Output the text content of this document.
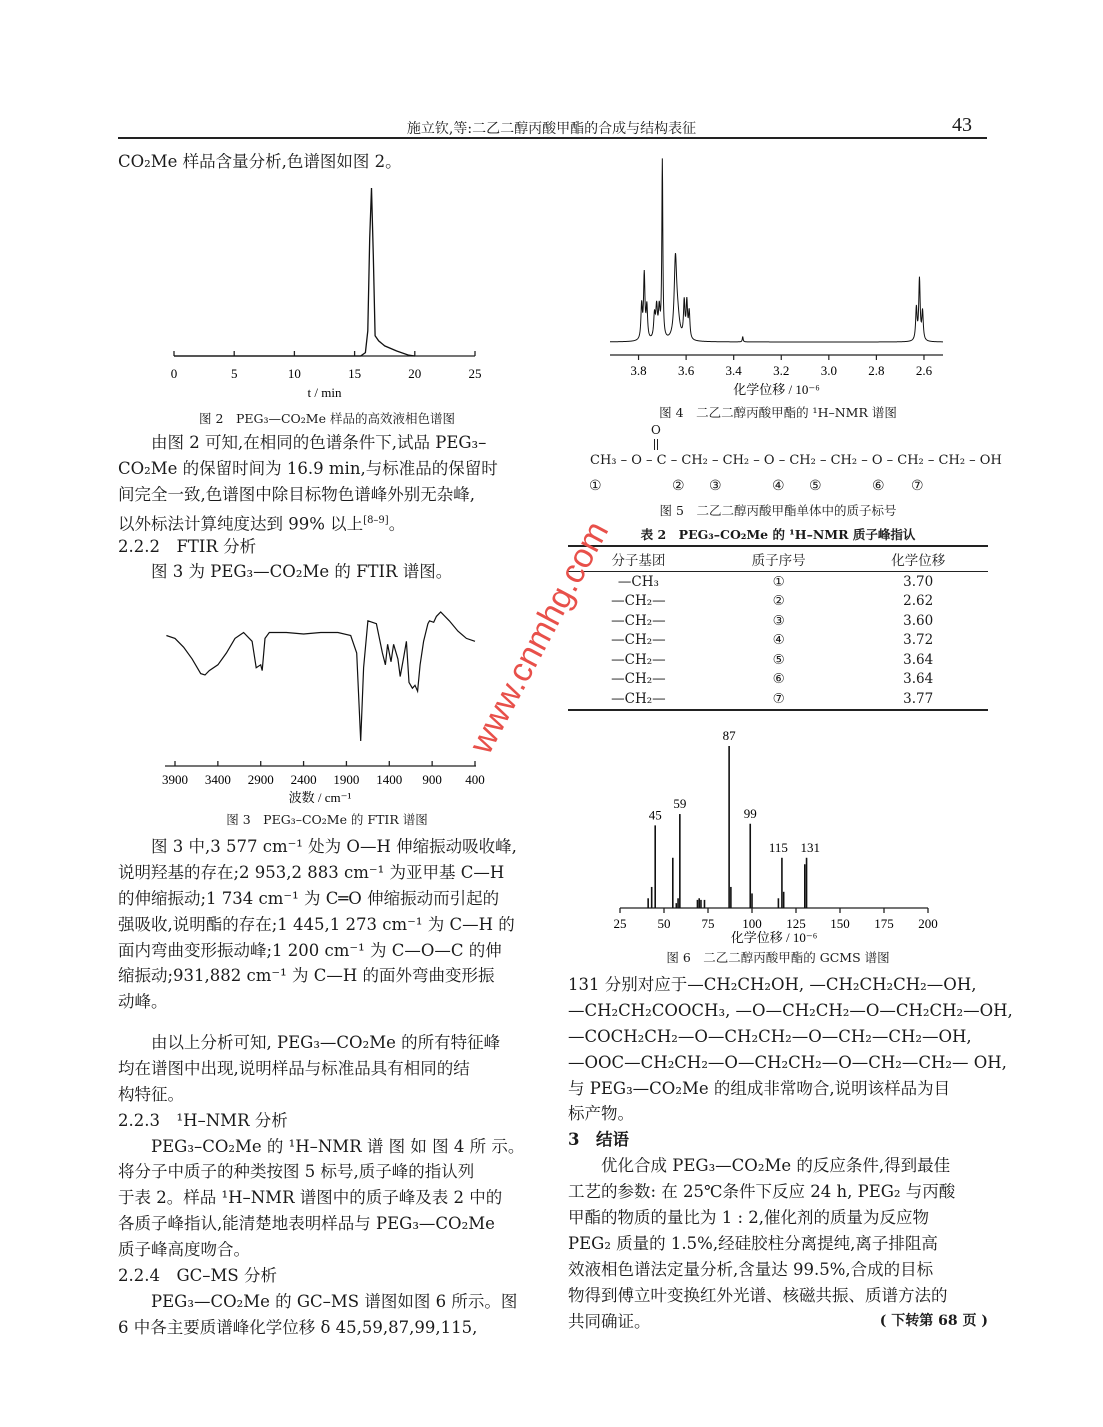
施立钦,等:二乙二醇丙酸甲酯的合成与结构表征	43
CO₂Me 样品含量分析,色谱图如图 2。
0	5	10	15	20	25
t / min
图 2　PEG₃—CO₂Me 样品的高效液相色谱图
由图 2 可知,在相同的色谱条件下,试品 PEG₃–
CO₂Me 的保留时间为 16.9 min,与标准品的保留时
间完全一致,色谱图中除目标物色谱峰外别无杂峰,
以外标法计算纯度达到 99% 以上[8–9]。
2.2.2　FTIR 分析
图 3 为 PEG₃—CO₂Me 的 FTIR 谱图。
3900 3400 2900 2400 1900 1400 900 400
波数 / cm⁻¹
图 3　PEG₃–CO₂Me 的 FTIR 谱图
图 3 中,3 577 cm⁻¹ 处为 O—H 伸缩振动吸收峰,
说明羟基的存在;2 953,2 883 cm⁻¹ 为亚甲基 C—H
的伸缩振动;1 734 cm⁻¹ 为 C═O 伸缩振动而引起的
强吸收,说明酯的存在;1 445,1 273 cm⁻¹ 为 C—H 的
面内弯曲变形振动峰;1 200 cm⁻¹ 为 C—O—C 的伸
缩振动;931,882 cm⁻¹ 为 C—H 的面外弯曲变形振
动峰。
由以上分析可知, PEG₃—CO₂Me 的所有特征峰
均在谱图中出现,说明样品与标准品具有相同的结
构特征。
2.2.3　¹H–NMR 分析
PEG₃–CO₂Me 的 ¹H–NMR 谱 图 如 图 4 所 示。
将分子中质子的种类按图 5 标号,质子峰的指认列
于表 2。样品 ¹H–NMR 谱图中的质子峰及表 2 中的
各质子峰指认,能清楚地表明样品与 PEG₃—CO₂Me
质子峰高度吻合。
2.2.4　GC–MS 分析
PEG₃—CO₂Me 的 GC–MS 谱图如图 6 所示。图
6 中各主要质谱峰化学位移 δ 45,59,87,99,115,
3.8 3.6 3.4 3.2 3.0 2.8 2.6
化学位移 / 10⁻⁶
图 4　二乙二醇丙酸甲酯的 ¹H–NMR 谱图
O
CH₃ – O – C – CH₂ – CH₂ – O – CH₂ – CH₂ – O – CH₂ – CH₂ – OH
①	② ③	④ ⑤	⑥ ⑦
图 5　二乙二醇丙酸甲酯单体中的质子标号
表 2　PEG₃–CO₂Me 的 ¹H–NMR 质子峰指认
分子基团	质子序号	化学位移
—CH₃	①	3.70
—CH₂—	②	2.62
—CH₂—	③	3.60
—CH₂—	④	3.72
—CH₂—	⑤	3.64
—CH₂—	⑥	3.64
—CH₂—	⑦	3.77
25 50 75 100 125 150 175 200
45
59
87
99
115 131
化学位移 / 10⁻⁶
图 6　二乙二醇丙酸甲酯的 GCMS 谱图
131 分别对应于—CH₂CH₂OH, —CH₂CH₂CH₂—OH,
—CH₂CH₂COOCH₃, —O—CH₂CH₂—O—CH₂CH₂—OH,
—COCH₂CH₂—O—CH₂CH₂—O—CH₂—CH₂—OH,
—OOC—CH₂CH₂—O—CH₂CH₂—O—CH₂—CH₂— OH,
与 PEG₃—CO₂Me 的组成非常吻合,说明该样品为目
标产物。
3　结语
优化合成 PEG₃—CO₂Me 的反应条件,得到最佳
工艺的参数: 在 25℃条件下反应 24 h, PEG₂ 与丙酸
甲酯的物质的量比为 1 : 2,催化剂的质量为反应物
PEG₂ 质量的 1.5%,经硅胶柱分离提纯,离子排阻高
效液相色谱法定量分析,含量达 99.5%,合成的目标
物得到傅立叶变换红外光谱、核磁共振、质谱方法的
共同确证。	( 下转第 68 页 )
www.cnmhg.com
